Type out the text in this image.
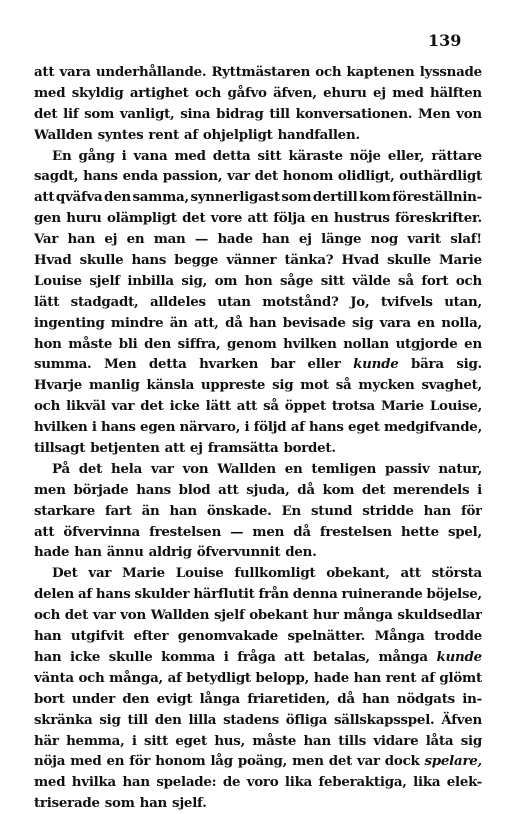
139
att vara underhållande. Ryttmästaren och kaptenen lyssnade
med skyldig artighet och gåfvo äfven, ehuru ej med hälften
det lif som vanligt, sina bidrag till konversationen. Men von
Wallden syntes rent af ohjelpligt handfallen.
En gång i vana med detta sitt käraste nöje eller, rättare
sagdt, hans enda passion, var det honom olidligt, outhärdligt
att qväfva den samma, synnerligast som dertill kom föreställnin-
gen huru olämpligt det vore att följa en hustrus föreskrifter.
Var han ej en man — hade han ej länge nog varit slaf!
Hvad skulle hans begge vänner tänka? Hvad skulle Marie
Louise sjelf inbilla sig, om hon såge sitt välde så fort och
lätt stadgadt, alldeles utan motstånd? Jo, tvifvels utan,
ingenting mindre än att, då han bevisade sig vara en nolla,
hon måste bli den siffra, genom hvilken nollan utgjorde en
summa. Men detta hvarken bar eller kunde bära sig.
Hvarje manlig känsla uppreste sig mot så mycken svaghet,
och likväl var det icke lätt att så öppet trotsa Marie Louise,
hvilken i hans egen närvaro, i följd af hans eget medgifvande,
tillsagt betjenten att ej framsätta bordet.
På det hela var von Wallden en temligen passiv natur,
men började hans blod att sjuda, då kom det merendels i
starkare fart än han önskade. En stund stridde han för
att öfvervinna frestelsen — men då frestelsen hette spel,
hade han ännu aldrig öfvervunnit den.
Det var Marie Louise fullkomligt obekant, att största
delen af hans skulder härflutit från denna ruinerande böjelse,
och det var von Wallden sjelf obekant hur många skuldsedlar
han utgifvit efter genomvakade spelnätter. Många trodde
han icke skulle komma i fråga att betalas, många kunde
vänta och många, af betydligt belopp, hade han rent af glömt
bort under den evigt långa friaretiden, då han nödgats in-
skränka sig till den lilla stadens öfliga sällskapsspel. Äfven
här hemma, i sitt eget hus, måste han tills vidare låta sig
nöja med en för honom låg poäng, men det var dock spelare,
med hvilka han spelade: de voro lika feberaktiga, lika elek-
triserade som han sjelf.
